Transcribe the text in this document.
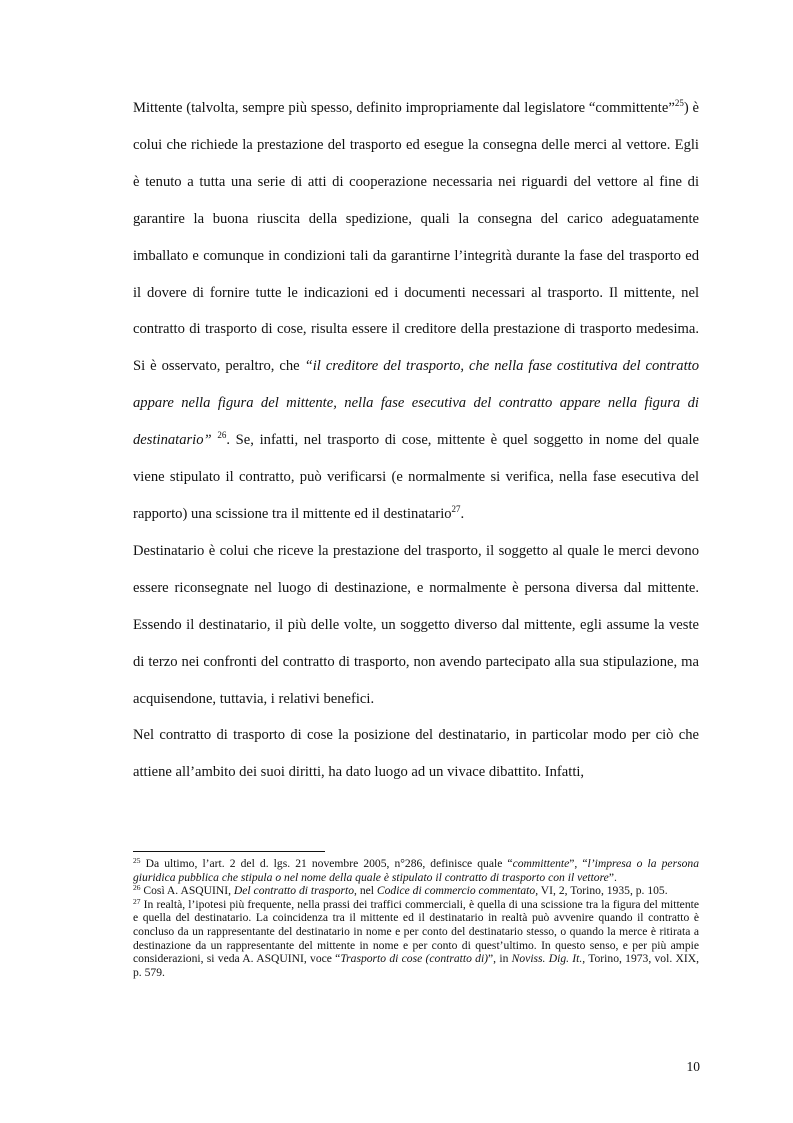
Mittente (talvolta, sempre più spesso, definito impropriamente dal legislatore “committente”$^{25}$) è colui che richiede la prestazione del trasporto ed esegue la consegna delle merci al vettore. Egli è tenuto a tutta una serie di atti di cooperazione necessaria nei riguardi del vettore al fine di garantire la buona riuscita della spedizione, quali la consegna del carico adeguatamente imballato e comunque in condizioni tali da garantirne l’integrità durante la fase del trasporto ed il dovere di fornire tutte le indicazioni ed i documenti necessari al trasporto. Il mittente, nel contratto di trasporto di cose, risulta essere il creditore della prestazione di trasporto medesima. Si è osservato, peraltro, che “il creditore del trasporto, che nella fase costitutiva del contratto appare nella figura del mittente, nella fase esecutiva del contratto appare nella figura di destinatario” $^{26}$. Se, infatti, nel trasporto di cose, mittente è quel soggetto in nome del quale viene stipulato il contratto, può verificarsi (e normalmente si verifica, nella fase esecutiva del rapporto) una scissione tra il mittente ed il destinatario$^{27}$.

Destinatario è colui che riceve la prestazione del trasporto, il soggetto al quale le merci devono essere riconsegnate nel luogo di destinazione, e normalmente è persona diversa dal mittente. Essendo il destinatario, il più delle volte, un soggetto diverso dal mittente, egli assume la veste di terzo nei confronti del contratto di trasporto, non avendo partecipato alla sua stipulazione, ma acquisendone, tuttavia, i relativi benefici.

Nel contratto di trasporto di cose la posizione del destinatario, in particolar modo per ciò che attiene all’ambito dei suoi diritti, ha dato luogo ad un vivace dibattito. Infatti,

$^{25}$ Da ultimo, l’art. 2 del d. lgs. 21 novembre 2005, n°286, definisce quale “committente”, “l’impresa o la persona giuridica pubblica che stipula o nel nome della quale è stipulato il contratto di trasporto con il vettore”.

$^{26}$ Così A. ASQUINI, Del contratto di trasporto, nel Codice di commercio commentato, VI, 2, Torino, 1935, p. 105.

$^{27}$ In realtà, l’ipotesi più frequente, nella prassi dei traffici commerciali, è quella di una scissione tra la figura del mittente e quella del destinatario. La coincidenza tra il mittente ed il destinatario in realtà può avvenire quando il contratto è concluso da un rappresentante del destinatario in nome e per conto del destinatario stesso, o quando la merce è ritirata a destinazione da un rappresentante del mittente in nome e per conto di quest’ultimo. In questo senso, e per più ampie considerazioni, si veda A. ASQUINI, voce “Trasporto di cose (contratto di)”, in Noviss. Dig. It., Torino, 1973, vol. XIX, p. 579.

10
